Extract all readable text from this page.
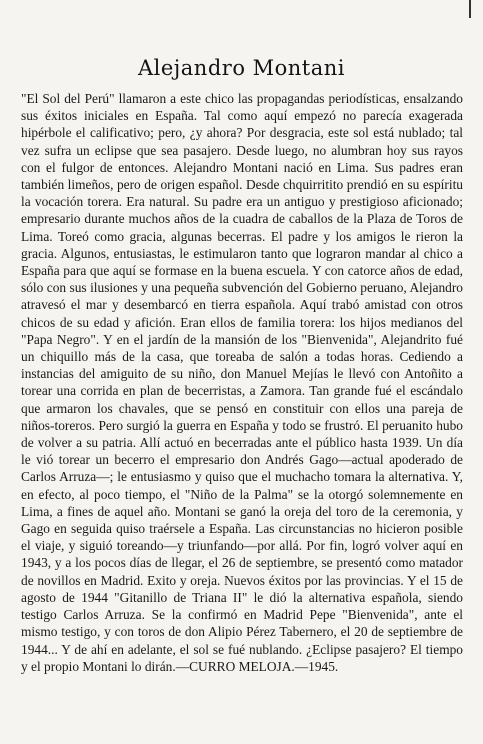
Alejandro Montani

"El Sol del Perú" llamaron a este chico las propagandas periodísticas, ensalzando sus éxitos iniciales en España. Tal como aquí empezó no parecía exagerada hipérbole el calificativo; pero, ¿y ahora? Por desgracia, este sol está nublado; tal vez sufra un eclipse que sea pasajero. Desde luego, no alumbran hoy sus rayos con el fulgor de entonces. Alejandro Montani nació en Lima. Sus padres eran también limeños, pero de origen español. Desde chquirritito prendió en su espíritu la vocación torera. Era natural. Su padre era un antiguo y prestigioso aficionado; empresario durante muchos años de la cuadra de caballos de la Plaza de Toros de Lima. Toreó como gracia, algunas becerras. El padre y los amigos le rieron la gracia. Algunos, entusiastas, le estimularon tanto que lograron mandar al chico a España para que aquí se formase en la buena escuela. Y con catorce años de edad, sólo con sus ilusiones y una pequeña subvención del Gobierno peruano, Alejandro atravesó el mar y desembarcó en tierra española. Aquí trabó amistad con otros chicos de su edad y afición. Eran ellos de familia torera: los hijos medianos del "Papa Negro". Y en el jardín de la mansión de los "Bienvenida", Alejandrito fué un chiquillo más de la casa, que toreaba de salón a todas horas. Cediendo a instancias del amiguito de su niño, don Manuel Mejías le llevó con Antoñito a torear una corrida en plan de becerristas, a Zamora. Tan grande fué el escándalo que armaron los chavales, que se pensó en constituir con ellos una pareja de niños-toreros. Pero surgió la guerra en España y todo se frustró. El peruanito hubo de volver a su patria. Allí actuó en becerradas ante el público hasta 1939. Un día le vió torear un becerro el empresario don Andrés Gago—actual apoderado de Carlos Arruza—; le entusiasmo y quiso que el muchacho tomara la alternativa. Y, en efecto, al poco tiempo, el "Niño de la Palma" se la otorgó solemnemente en Lima, a fines de aquel año. Montani se ganó la oreja del toro de la ceremonia, y Gago en seguida quiso traérsele a España. Las circunstancias no hicieron posible el viaje, y siguió toreando—y triunfando—por allá. Por fin, logró volver aquí en 1943, y a los pocos días de llegar, el 26 de septiembre, se presentó como matador de novillos en Madrid. Exito y oreja. Nuevos éxitos por las provincias. Y el 15 de agosto de 1944 "Gitanillo de Triana II" le dió la alternativa española, siendo testigo Carlos Arruza. Se la confirmó en Madrid Pepe "Bienvenida", ante el mismo testigo, y con toros de don Alipio Pérez Tabernero, el 20 de septiembre de 1944... Y de ahí en adelante, el sol se fué nublando. ¿Eclipse pasajero? El tiempo y el propio Montani lo dirán.—CURRO MELOJA.—1945.
